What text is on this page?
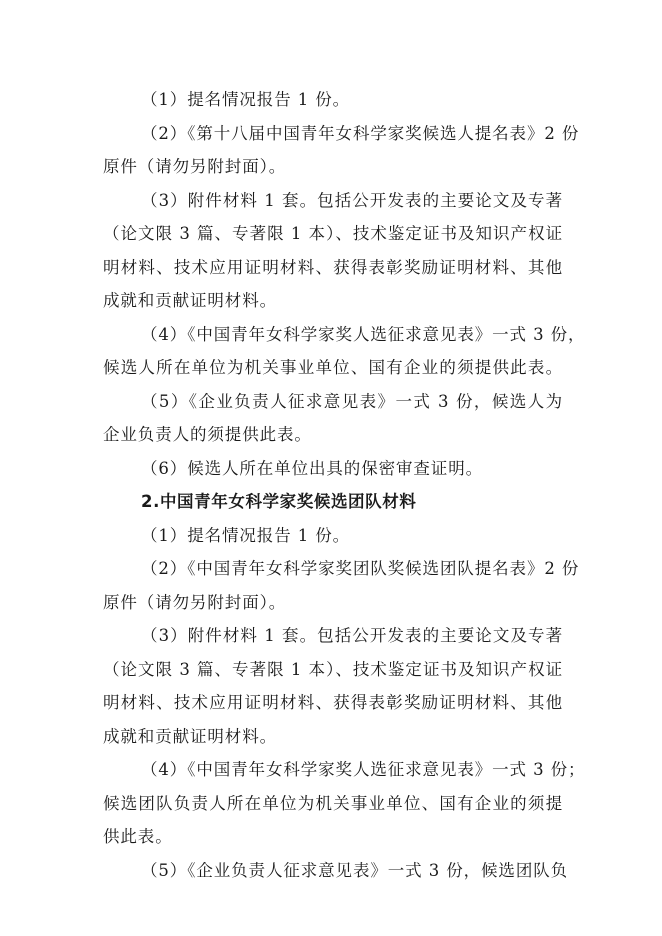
（1）提名情况报告 1 份。
（2）《第十八届中国青年女科学家奖候选人提名表》2 份
原件（请勿另附封面）。
（3）附件材料 1 套。包括公开发表的主要论文及专著
（论文限 3 篇、专著限 1 本）、技术鉴定证书及知识产权证
明材料、技术应用证明材料、获得表彰奖励证明材料、其他
成就和贡献证明材料。
（4）《中国青年女科学家奖人选征求意见表》一式 3 份，
候选人所在单位为机关事业单位、国有企业的须提供此表。
（5）《企业负责人征求意见表》一式 3 份，候选人为
企业负责人的须提供此表。
（6）候选人所在单位出具的保密审查证明。
2.中国青年女科学家奖候选团队材料
（1）提名情况报告 1 份。
（2）《中国青年女科学家奖团队奖候选团队提名表》2 份
原件（请勿另附封面）。
（3）附件材料 1 套。包括公开发表的主要论文及专著
（论文限 3 篇、专著限 1 本）、技术鉴定证书及知识产权证
明材料、技术应用证明材料、获得表彰奖励证明材料、其他
成就和贡献证明材料。
（4）《中国青年女科学家奖人选征求意见表》一式 3 份；
候选团队负责人所在单位为机关事业单位、国有企业的须提
供此表。
（5）《企业负责人征求意见表》一式 3 份，候选团队负
